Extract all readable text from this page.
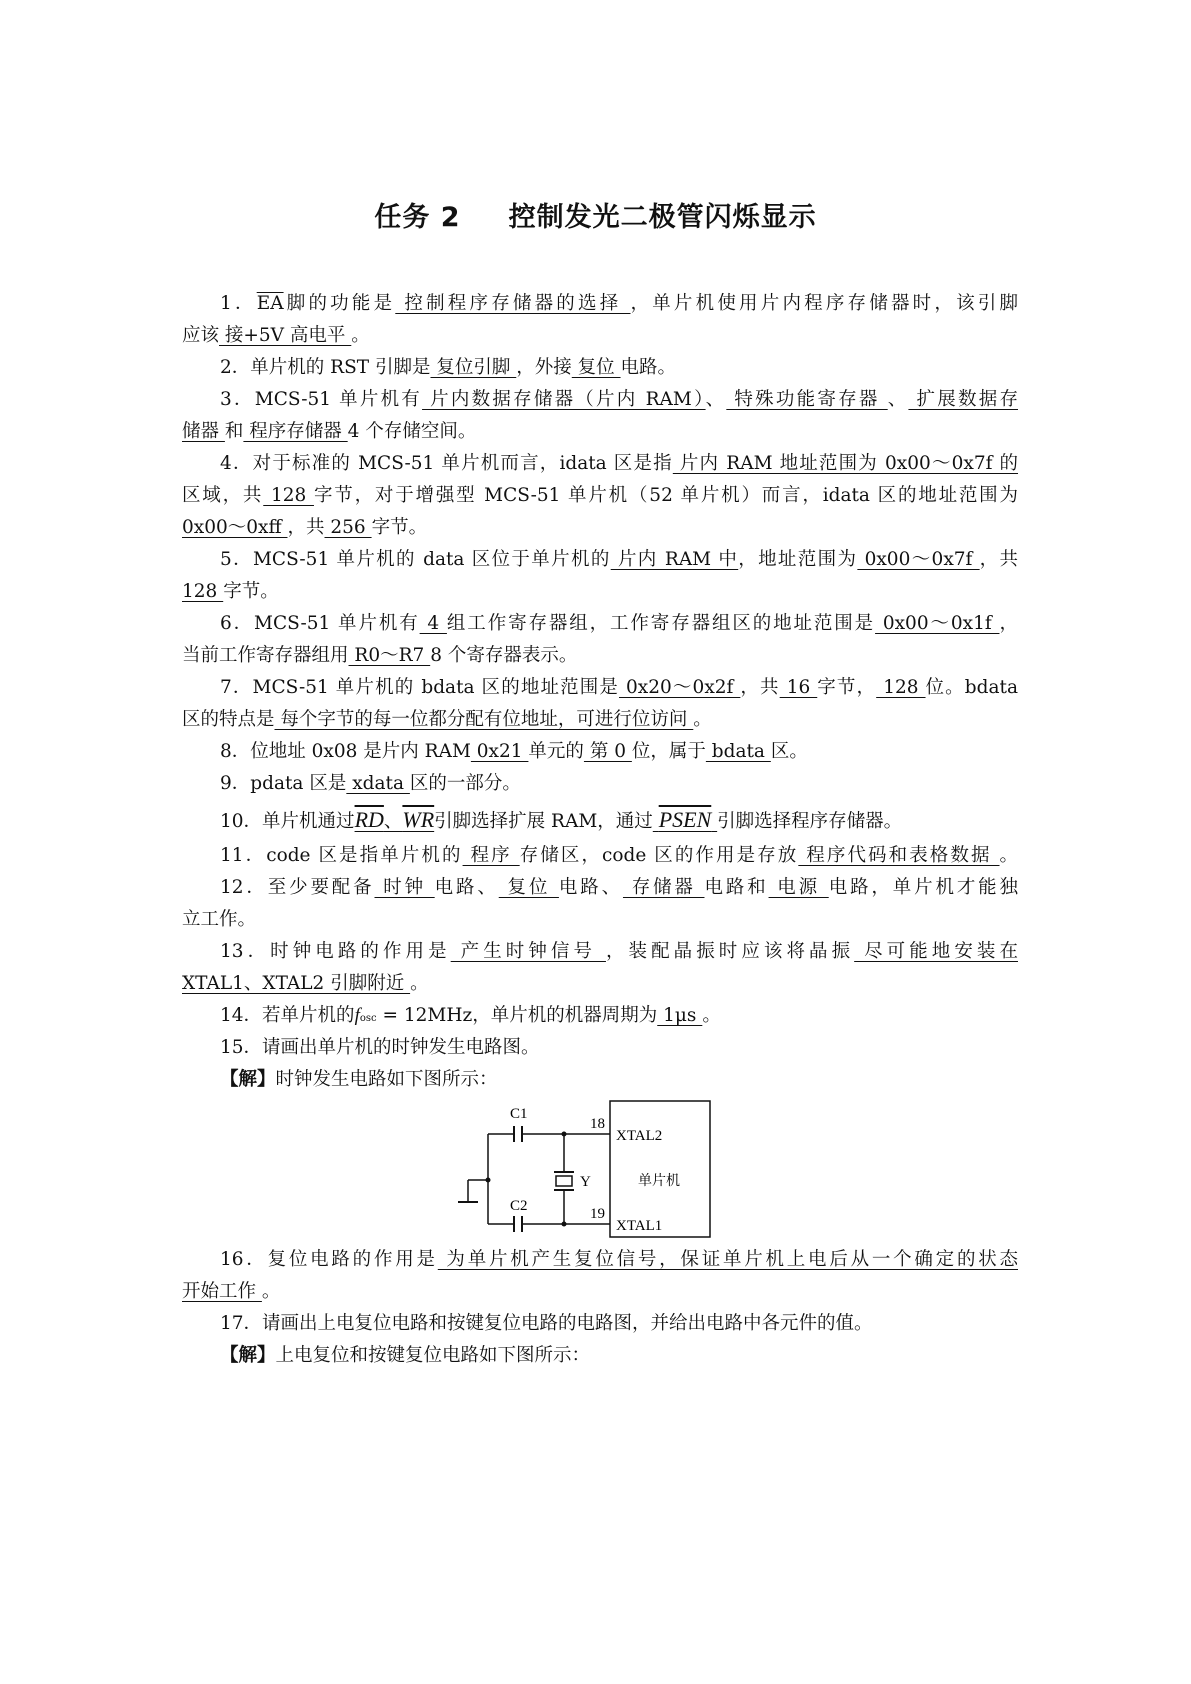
任务 2 控制发光二极管闪烁显示
1．$\overline{EA}$脚的功能是 控制程序存储器的选择 ，单片机使用片内程序存储器时，该引脚
应该 接+5V 高电平 。
2．单片机的 RST 引脚是 复位引脚 ，外接 复位 电路。
3．MCS-51 单片机有 片内数据存储器（片内 RAM）、 特殊功能寄存器 、 扩展数据存
储器 和 程序存储器 4 个存储空间。
4．对于标准的 MCS-51 单片机而言，idata 区是指 片内 RAM 地址范围为 0x00～0x7f 的
区域，共 128 字节，对于增强型 MCS-51 单片机（52 单片机）而言，idata 区的地址范围为
0x00～0xff ，共 256 字节。
5．MCS-51 单片机的 data 区位于单片机的 片内 RAM 中，地址范围为 0x00～0x7f ，共
128 字节。
6．MCS-51 单片机有 4 组工作寄存器组，工作寄存器组区的地址范围是 0x00～0x1f ，
当前工作寄存器组用 R0～R7 8 个寄存器表示。
7．MCS-51 单片机的 bdata 区的地址范围是 0x20～0x2f ，共 16 字节， 128 位。bdata
区的特点是 每个字节的每一位都分配有位地址，可进行位访问 。
8．位地址 0x08 是片内 RAM 0x21 单元的 第 0 位，属于 bdata 区。
9．pdata 区是 xdata 区的一部分。
10．单片机通过RD、WR引脚选择扩展 RAM，通过 PSEN 引脚选择程序存储器。
11．code 区是指单片机的 程序 存储区，code 区的作用是存放 程序代码和表格数据 。
12．至少要配备 时钟 电路、 复位 电路、 存储器 电路和 电源 电路，单片机才能独
立工作。
13．时钟电路的作用是 产生时钟信号 ，装配晶振时应该将晶振 尽可能地安装在
XTAL1、XTAL2 引脚附近 。
14．若单片机的fosc = 12MHz，单片机的机器周期为 1μs 。
15．请画出单片机的时钟发生电路图。
【解】时钟发生电路如下图所示：
C1
C2
Y
18
19
XTAL2
XTAL1
单片机
16．复位电路的作用是 为单片机产生复位信号，保证单片机上电后从一个确定的状态
开始工作 。
17．请画出上电复位电路和按键复位电路的电路图，并给出电路中各元件的值。
【解】上电复位和按键复位电路如下图所示：
